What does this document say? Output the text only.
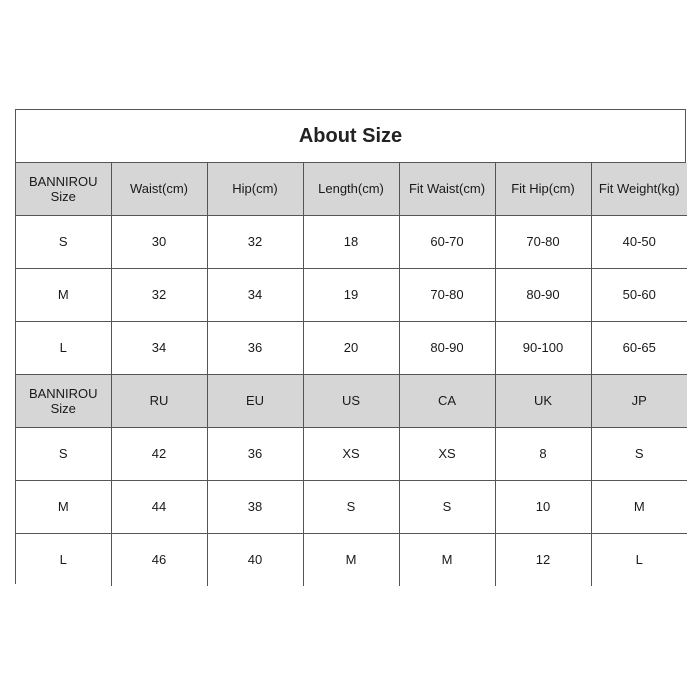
About Size
BANNIROU
Size	Waist(cm)	Hip(cm)	Length(cm)	Fit Waist(cm)	Fit Hip(cm)	Fit Weight(kg)
S	30	32	18	60-70	70-80	40-50
M	32	34	19	70-80	80-90	50-60
L	34	36	20	80-90	90-100	60-65

BANNIROU
Size	RU	EU	US	CA	UK	JP
S	42	36	XS	XS	8	S
M	44	38	S	S	10	M
L	46	40	M	M	12	L
